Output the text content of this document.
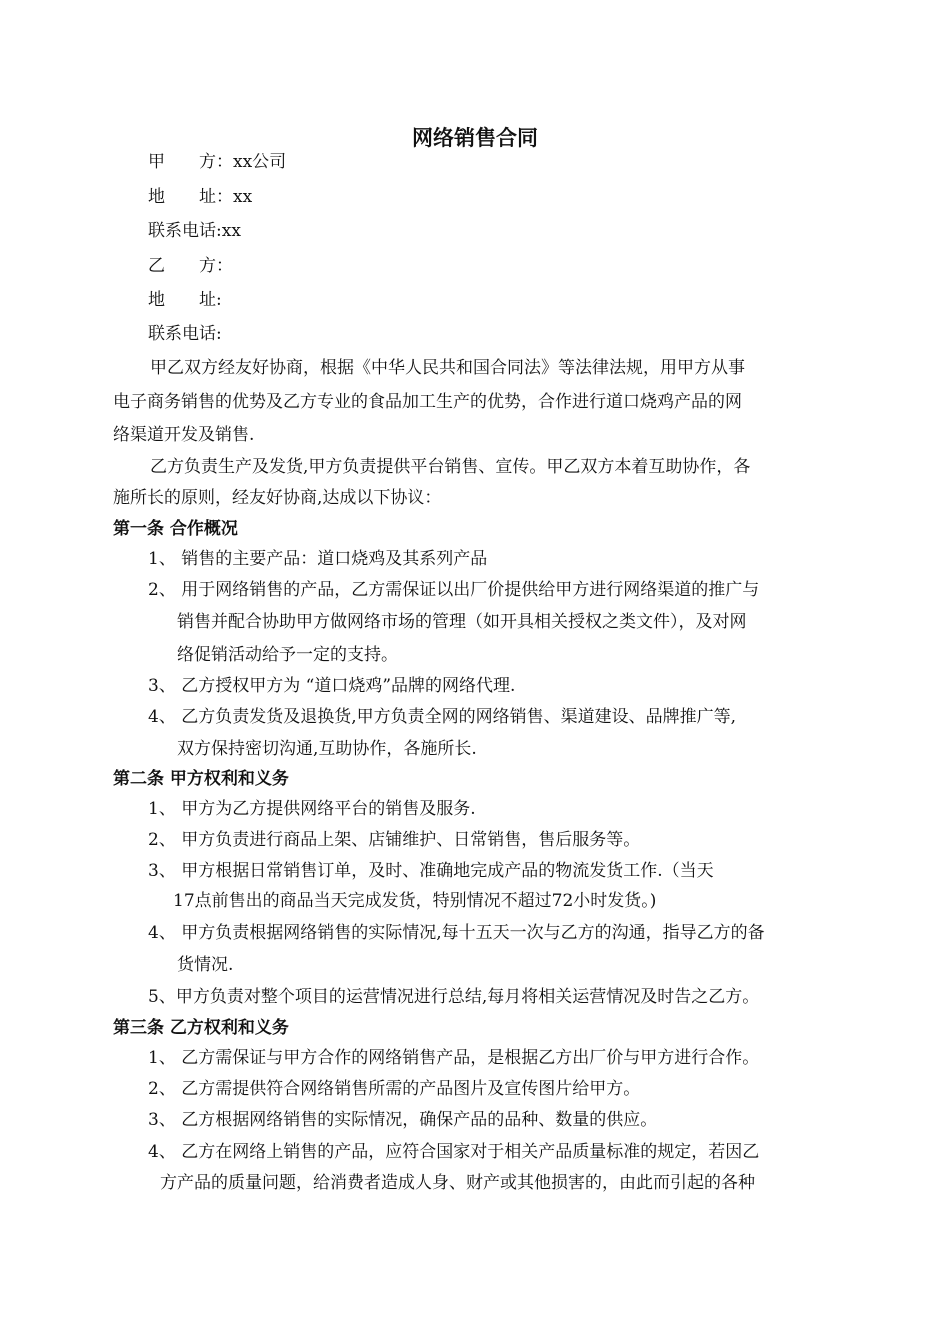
网络销售合同
甲 方：xx公司
地 址：xx
联系电话:xx
乙 方：
地 址:
联系电话:
甲乙双方经友好协商，根据《中华人民共和国合同法》等法律法规，用甲方从事
电子商务销售的优势及乙方专业的食品加工生产的优势，合作进行道口烧鸡产品的网
络渠道开发及销售.
乙方负责生产及发货,甲方负责提供平台销售、宣传。甲乙双方本着互助协作，各
施所长的原则，经友好协商,达成以下协议：
第一条 合作概况
1、 销售的主要产品：道口烧鸡及其系列产品
2、 用于网络销售的产品，乙方需保证以出厂价提供给甲方进行网络渠道的推广与
销售并配合协助甲方做网络市场的管理（如开具相关授权之类文件），及对网
络促销活动给予一定的支持。
3、 乙方授权甲方为 “道口烧鸡”品牌的网络代理.
4、 乙方负责发货及退换货,甲方负责全网的网络销售、渠道建设、品牌推广等,
双方保持密切沟通,互助协作，各施所长.
第二条 甲方权利和义务
1、 甲方为乙方提供网络平台的销售及服务.
2、 甲方负责进行商品上架、店铺维护、日常销售，售后服务等。
3、 甲方根据日常销售订单，及时、准确地完成产品的物流发货工作.（当天
17点前售出的商品当天完成发货，特别情况不超过72小时发货。)
4、 甲方负责根据网络销售的实际情况,每十五天一次与乙方的沟通，指导乙方的备
货情况.
5、甲方负责对整个项目的运营情况进行总结,每月将相关运营情况及时告之乙方。
第三条 乙方权利和义务
1、 乙方需保证与甲方合作的网络销售产品，是根据乙方出厂价与甲方进行合作。
2、 乙方需提供符合网络销售所需的产品图片及宣传图片给甲方。
3、 乙方根据网络销售的实际情况，确保产品的品种、数量的供应。
4、 乙方在网络上销售的产品，应符合国家对于相关产品质量标准的规定，若因乙
方产品的质量问题，给消费者造成人身、财产或其他损害的，由此而引起的各种
